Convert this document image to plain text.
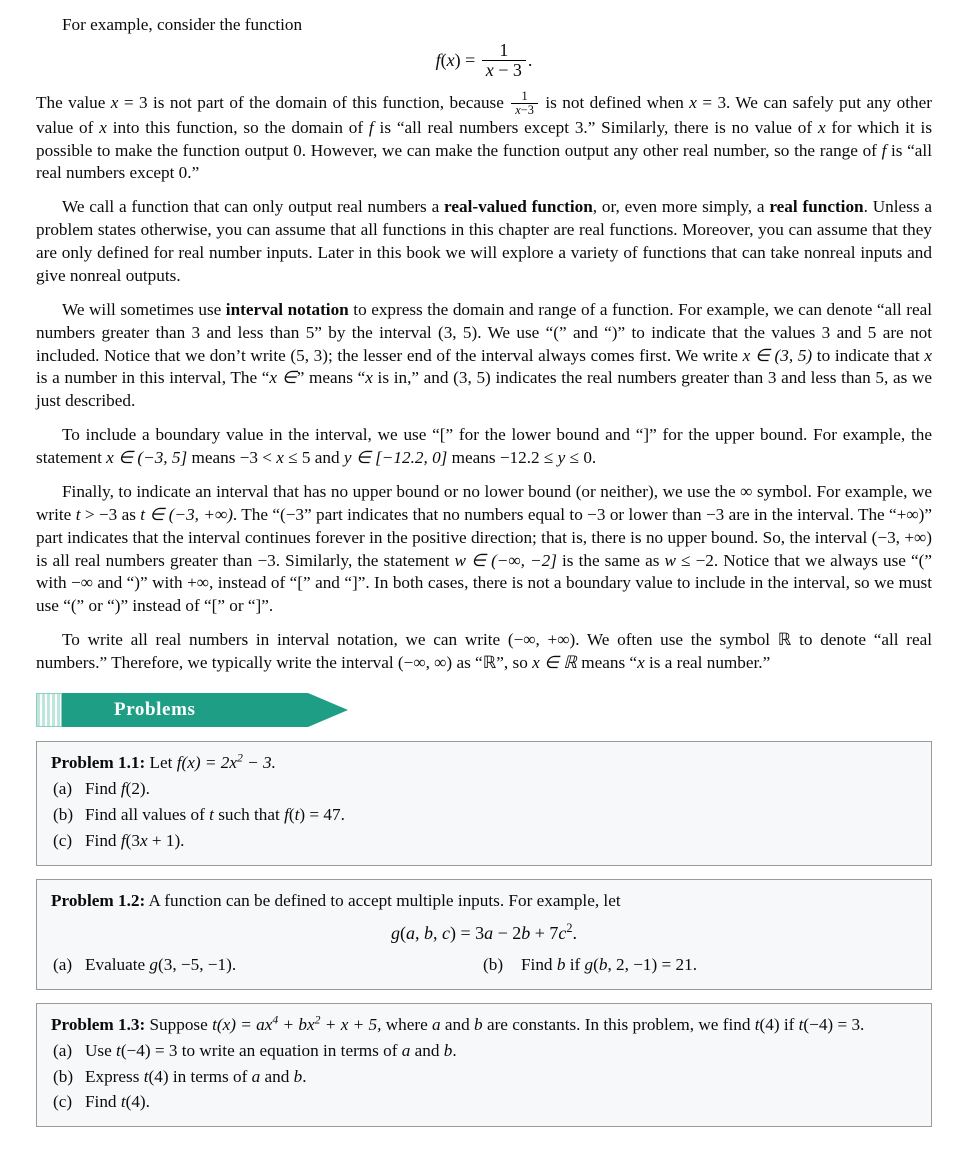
For example, consider the function

$f(x) = \frac{1}{x - 3}$ .

The value x = 3 is not part of the domain of this function, because $\frac{1}{x-3}$ is not defined when x = 3. We can safely put any other value of x into this function, so the domain of f is “all real numbers except 3.” Similarly, there is no value of x for which it is possible to make the function output 0. However, we can make the function output any other real number, so the range of f is “all real numbers except 0.”

We call a function that can only output real numbers a real-valued function, or, even more simply, a real function. Unless a problem states otherwise, you can assume that all functions in this chapter are real functions. Moreover, you can assume that they are only defined for real number inputs. Later in this book we will explore a variety of functions that can take nonreal inputs and give nonreal outputs.

We will sometimes use interval notation to express the domain and range of a function. For example, we can denote “all real numbers greater than 3 and less than 5” by the interval (3, 5). We use “(” and “)” to indicate that the values 3 and 5 are not included. Notice that we don’t write (5, 3); the lesser end of the interval always comes first. We write x ∈ (3, 5) to indicate that x is a number in this interval, The “x ∈” means “x is in,” and (3, 5) indicates the real numbers greater than 3 and less than 5, as we just described.

To include a boundary value in the interval, we use “[” for the lower bound and “]” for the upper bound. For example, the statement x ∈ (−3, 5] means −3 < x ≤ 5 and y ∈ [−12.2, 0] means −12.2 ≤ y ≤ 0.

Finally, to indicate an interval that has no upper bound or no lower bound (or neither), we use the ∞ symbol. For example, we write t > −3 as t ∈ (−3, +∞). The “(−3” part indicates that no numbers equal to −3 or lower than −3 are in the interval. The “+∞)” part indicates that the interval continues forever in the positive direction; that is, there is no upper bound. So, the interval (−3, +∞) is all real numbers greater than −3. Similarly, the statement w ∈ (−∞, −2] is the same as w ≤ −2. Notice that we always use “(” with −∞ and “)” with +∞, instead of “[” and “]”. In both cases, there is not a boundary value to include in the interval, so we must use “(” or “)” instead of “[” or “]”.

To write all real numbers in interval notation, we can write (−∞, +∞). We often use the symbol ℝ to denote “all real numbers.” Therefore, we typically write the interval (−∞, ∞) as “ℝ”, so x ∈ ℝ means “x is a real number.”

Problems
Problem 1.1: Let $f(x) = 2x^2 - 3$.
(a) Find f(2).
(b) Find all values of t such that f(t) = 47.
(c) Find f(3x + 1).
Problem 1.2: A function can be defined to accept multiple inputs. For example, let
g(a, b, $c) = 3a - 2b + 7c^2$.
(a) Evaluate g(3, −5, −1).	(b) Find b if g(b, 2, −1) = 21.
Problem 1.3: Suppose $t(x) = ax^4 + bx^2 + x + 5$, where a and b are constants. In this problem, we find t(4) if t(−4) = 3.
(a) Use t(−4) = 3 to write an equation in terms of a and b.
(b) Express t(4) in terms of a and b.
(c) Find t(4).
